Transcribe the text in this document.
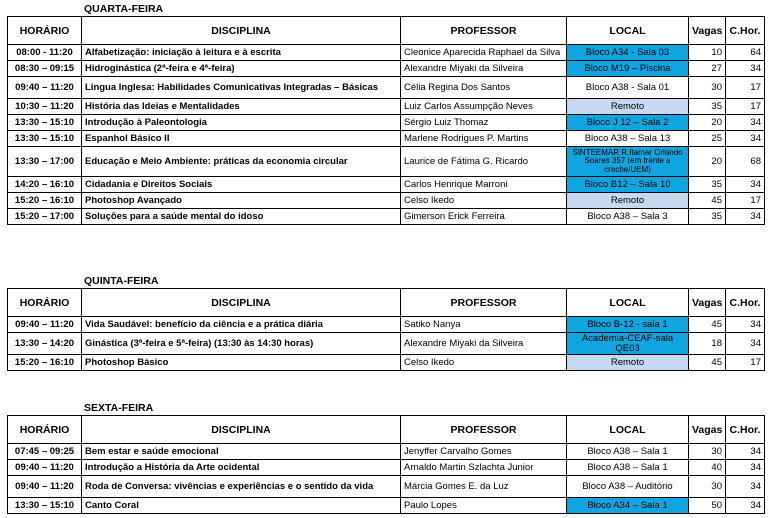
QUARTA-FEIRA
HORÁRIO	DISCIPLINA	PROFESSOR	LOCAL	Vagas	C.Hor.
08:00 - 11:20	Alfabetização: iniciação à leitura e à escrita	Cleonice Aparecida Raphael da Silva	Bloco A34 - Sala 03	10	64
08:30 – 09:15	Hidroginástica (2ª-feira e 4ª-feira)	Alexandre Miyaki da Silveira	Bloco M19 – Piscina	27	34
09:40 – 11:20	Língua Inglesa: Habilidades Comunicativas Integradas – Básicas	Célia Regina Dos Santos	Bloco A38 - Sala 01	30	17
10:30 – 11:20	História das Ideias e Mentalidades	Luiz Carlos Assumpção Neves	Remoto	35	17
13:30 – 15:10	Introdução à Paleontologia	Sérgio Luiz Thomaz	Bloco J 12 – Sala 2	20	34
13:30 – 15:10	Espanhol Básico II	Marlene Rodrigues P. Martins	Bloco A38 – Sala 13	25	34
13:30 – 17:00	Educação e Meio Ambiente: práticas da economia circular	Laurice de Fátima G. Ricardo	SINTEEMAR R.Itamar Orlando Soares 357 (em frente a creche/UEM)	20	68
14:20 – 16:10	Cidadania e Direitos Sociais	Carlos Henrique Marroni	Bloco B12 – Sala 10	35	34
15:20 – 16:10	Photoshop Avançado	Celso Ikedo	Remoto	45	17
15:20 – 17:00	Soluções para a saúde mental do idoso	Gimerson Erick Ferreira	Bloco A38 – Sala 3	35	34
QUINTA-FEIRA
HORÁRIO	DISCIPLINA	PROFESSOR	LOCAL	Vagas	C.Hor.
09:40 – 11:20	Vida Saudável: benefício da ciência e a prática diária	Satiko Nanya	Bloco B-12 - sala 1	45	34
13:30 – 14:20	Ginástica (3ª-feira e 5ª-feira) (13:30 às 14:30 horas)	Alexandre Miyaki da Silveira	Academia-CEAF-sala QE03	18	34
15:20 – 16:10	Photoshop Básico	Celso Ikedo	Remoto	45	17
SEXTA-FEIRA
HORÁRIO	DISCIPLINA	PROFESSOR	LOCAL	Vagas	C.Hor.
07:45 – 09:25	Bem estar e saúde emocional	Jenyffer Carvalho Gomes	Bloco A38 – Sala 1	30	34
09:40 – 11:20	Introdução a História da Arte ocidental	Arnaldo Martin Szlachta Junior	Bloco A38 – Sala 1	40	34
09:40 – 11:20	Roda de Conversa: vivências e experiências e o sentido da vida	Márcia Gomes E. da Luz	Bloco A38 – Auditório	30	34
13:30 – 15:10	Canto Coral	Paulo Lopes	Bloco A34 – Sala 1	50	34
